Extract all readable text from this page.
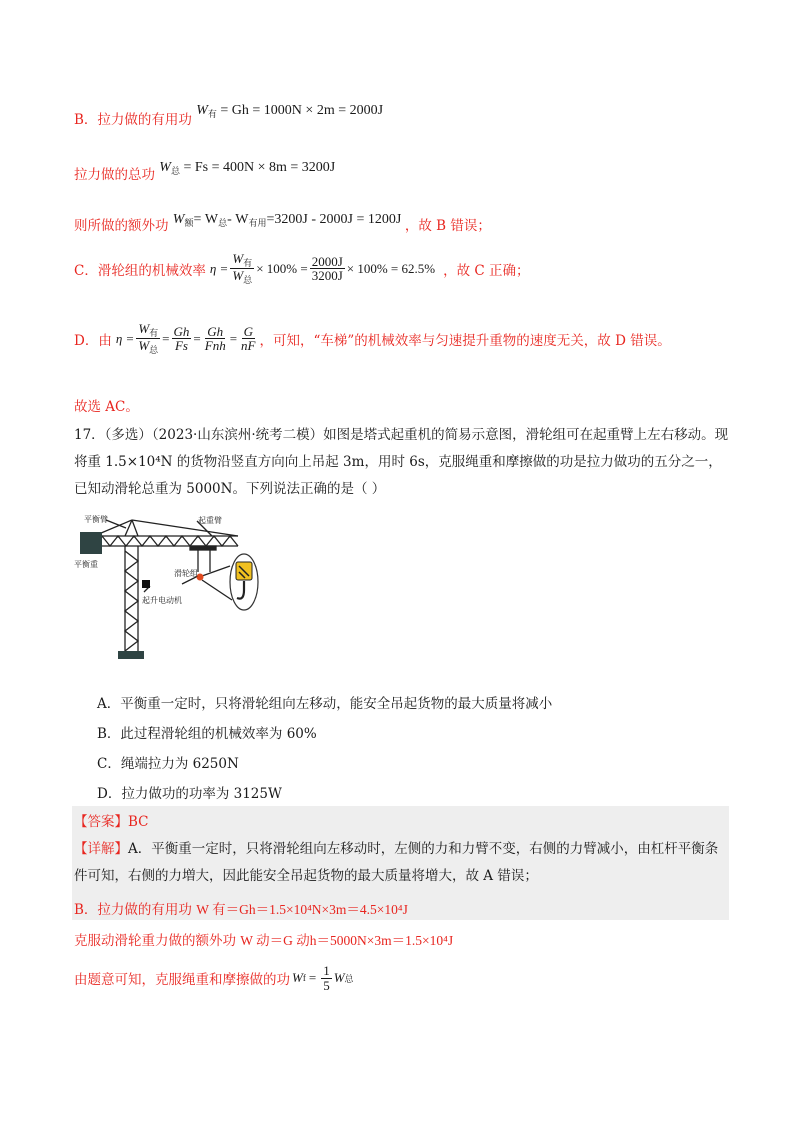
B．拉力做的有用功 $W_有 = Gh = 1000N \times 2m = 2000J$
拉力做的总功 $W_总 = Fs = 400N \times 8m = 3200J$
则所做的额外功 $W_额= W_总-$ $W_{有用}=3200J - 2000J = 1200J$ ，故 B 错误；
C．滑轮组的机械效率 $\eta = \frac{W_有}{W_总} \times 100\% = \frac{2000J}{3200J} \times 100\% = 62.5\%$ ，故 C 正确；
D．由 $\eta = \frac{W_有}{W_总} = \frac{Gh}{Fs} = \frac{Gh}{\text{Fnh}} = \frac{G}{nF}$ ，可知，“车梯”的机械效率与匀速提升重物的速度无关，故 D 错误。
故选 AC。
17．（多选）（2023·山东滨州·统考二模）如图是塔式起重机的简易示意图，滑轮组可在起重臂上左右移动。现将重 1.5×10⁴N 的货物沿竖直方向向上吊起 3m，用时 6s，克服绳重和摩擦做的功是拉力做功的五分之一，已知动滑轮总重为 5000N。下列说法正确的是（ ）
平衡臂	起重臂
平衡重
滑轮组
起升电动机
A．平衡重一定时，只将滑轮组向左移动，能安全吊起货物的最大质量将减小
B．此过程滑轮组的机械效率为 60%
C．绳端拉力为 6250N
D．拉力做功的功率为 3125W
【答案】BC
【详解】A．平衡重一定时，只将滑轮组向左移动时，左侧的力和力臂不变，右侧的力臂减小，由杠杆平衡条件可知，右侧的力増大，因此能安全吊起货物的最大质量将增大，故 A 错误；
B．拉力做的有用功 W 有＝Gh＝1.5×10⁴N×3m＝4.5×10⁴J
克服动滑轮重力做的额外功 W 动＝G 动h＝5000N×3m＝1.5×10⁴J
由题意可知，克服绳重和摩擦做的功 W $f = \frac{1}{5}$ W 总
